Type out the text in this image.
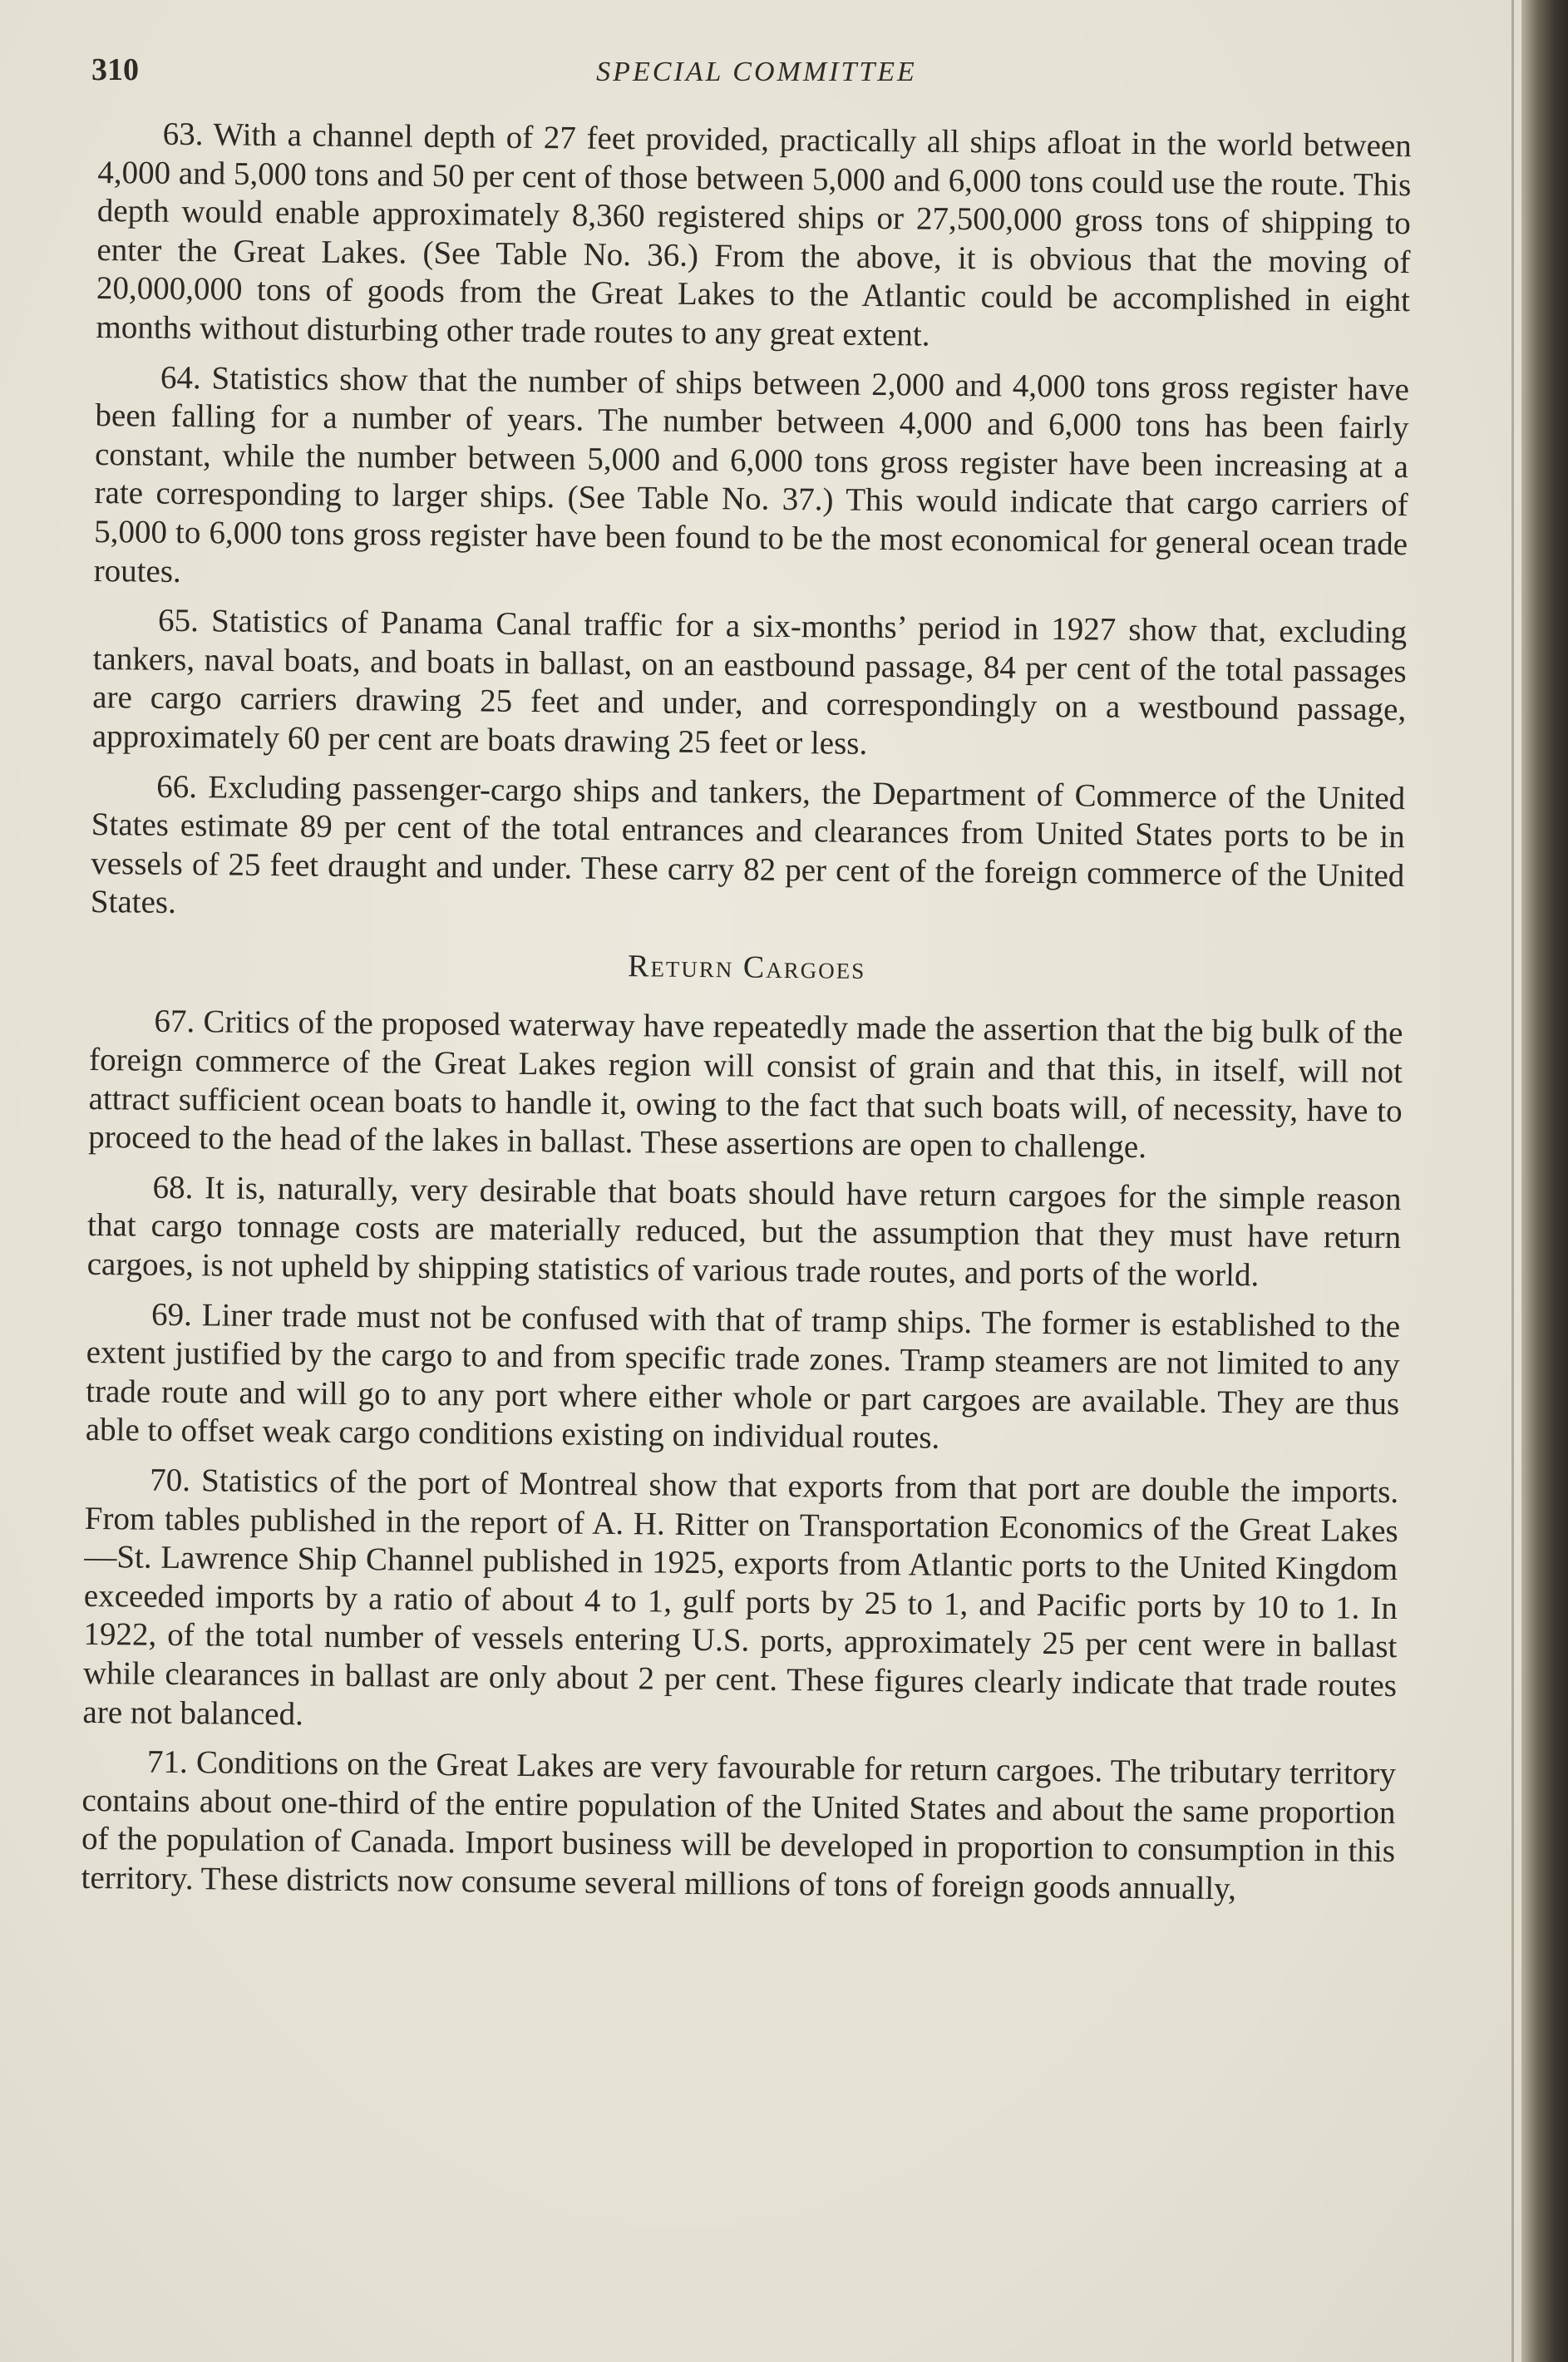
310	SPECIAL COMMITTEE

63. With a channel depth of 27 feet provided, practically all ships afloat in the world between 4,000 and 5,000 tons and 50 per cent of those between 5,000 and 6,000 tons could use the route. This depth would enable approximately 8,360 registered ships or 27,500,000 gross tons of shipping to enter the Great Lakes. (See Table No. 36.) From the above, it is obvious that the moving of 20,000,000 tons of goods from the Great Lakes to the Atlantic could be accomplished in eight months without disturbing other trade routes to any great extent.

64. Statistics show that the number of ships between 2,000 and 4,000 tons gross register have been falling for a number of years. The number between 4,000 and 6,000 tons has been fairly constant, while the number between 5,000 and 6,000 tons gross register have been increasing at a rate corresponding to larger ships. (See Table No. 37.) This would indicate that cargo carriers of 5,000 to 6,000 tons gross register have been found to be the most economical for general ocean trade routes.

65. Statistics of Panama Canal traffic for a six-months’ period in 1927 show that, excluding tankers, naval boats, and boats in ballast, on an eastbound passage, 84 per cent of the total passages are cargo carriers drawing 25 feet and under, and correspondingly on a westbound passage, approximately 60 per cent are boats drawing 25 feet or less.

66. Excluding passenger-cargo ships and tankers, the Department of Commerce of the United States estimate 89 per cent of the total entrances and clearances from United States ports to be in vessels of 25 feet draught and under. These carry 82 per cent of the foreign commerce of the United States.

Return Cargoes

67. Critics of the proposed waterway have repeatedly made the assertion that the big bulk of the foreign commerce of the Great Lakes region will consist of grain and that this, in itself, will not attract sufficient ocean boats to handle it, owing to the fact that such boats will, of necessity, have to proceed to the head of the lakes in ballast. These assertions are open to challenge.

68. It is, naturally, very desirable that boats should have return cargoes for the simple reason that cargo tonnage costs are materially reduced, but the assumption that they must have return cargoes, is not upheld by shipping statistics of various trade routes, and ports of the world.

69. Liner trade must not be confused with that of tramp ships. The former is established to the extent justified by the cargo to and from specific trade zones. Tramp steamers are not limited to any trade route and will go to any port where either whole or part cargoes are available. They are thus able to offset weak cargo conditions existing on individual routes.

70. Statistics of the port of Montreal show that exports from that port are double the imports. From tables published in the report of A. H. Ritter on Transportation Economics of the Great Lakes—St. Lawrence Ship Channel published in 1925, exports from Atlantic ports to the United Kingdom exceeded imports by a ratio of about 4 to 1, gulf ports by 25 to 1, and Pacific ports by 10 to 1. In 1922, of the total number of vessels entering U.S. ports, approximately 25 per cent were in ballast while clearances in ballast are only about 2 per cent. These figures clearly indicate that trade routes are not balanced.

71. Conditions on the Great Lakes are very favourable for return cargoes. The tributary territory contains about one-third of the entire population of the United States and about the same proportion of the population of Canada. Import business will be developed in proportion to consumption in this territory. These districts now consume several millions of tons of foreign goods annually,
